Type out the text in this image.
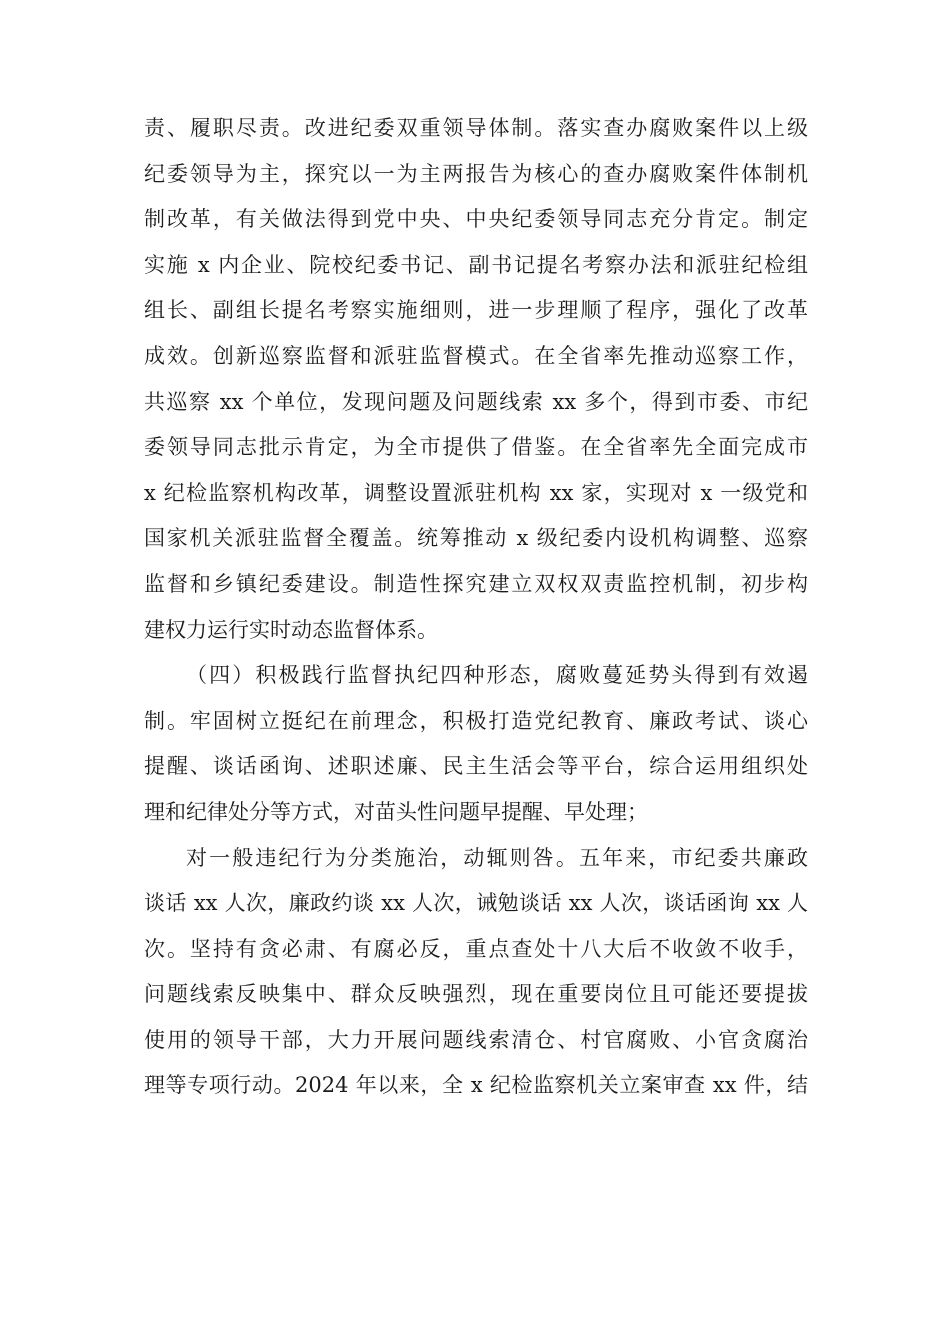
责、履职尽责。改进纪委双重领导体制。落实查办腐败案件以上级
纪委领导为主，探究以一为主两报告为核心的查办腐败案件体制机
制改革，有关做法得到党中央、中央纪委领导同志充分肯定。制定
实施 x 内企业、院校纪委书记、副书记提名考察办法和派驻纪检组
组长、副组长提名考察实施细则，进一步理顺了程序，强化了改革
成效。创新巡察监督和派驻监督模式。在全省率先推动巡察工作，
共巡察 xx 个单位，发现问题及问题线索 xx 多个，得到市委、市纪
委领导同志批示肯定，为全市提供了借鉴。在全省率先全面完成市
x 纪检监察机构改革，调整设置派驻机构 xx 家，实现对 x 一级党和
国家机关派驻监督全覆盖。统筹推动 x 级纪委内设机构调整、巡察
监督和乡镇纪委建设。制造性探究建立双权双责监控机制，初步构
建权力运行实时动态监督体系。
（四）积极践行监督执纪四种形态，腐败蔓延势头得到有效遏
制。牢固树立挺纪在前理念，积极打造党纪教育、廉政考试、谈心
提醒、谈话函询、述职述廉、民主生活会等平台，综合运用组织处
理和纪律处分等方式，对苗头性问题早提醒、早处理；
对一般违纪行为分类施治，动辄则咎。五年来，市纪委共廉政
谈话 xx 人次，廉政约谈 xx 人次，诫勉谈话 xx 人次，谈话函询 xx 人
次。坚持有贪必肃、有腐必反，重点查处十八大后不收敛不收手，
问题线索反映集中、群众反映强烈，现在重要岗位且可能还要提拔
使用的领导干部，大力开展问题线索清仓、村官腐败、小官贪腐治
理等专项行动。2024 年以来，全 x 纪检监察机关立案审查 xx 件，结
